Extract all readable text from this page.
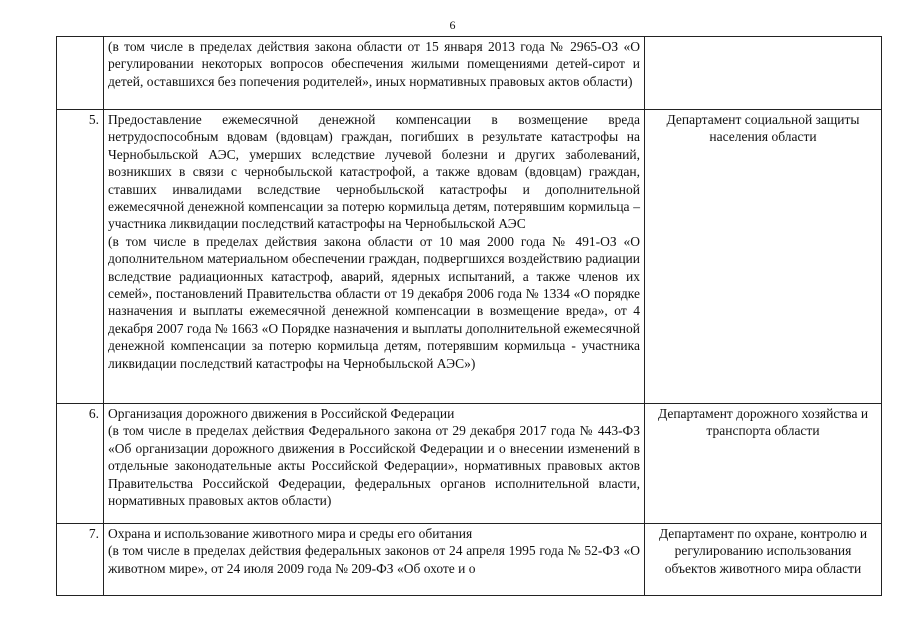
6

	(в том числе в пределах действия закона области от 15 января 2013 года № 2965-ОЗ «О регулировании некоторых вопросов обеспечения жилыми помещениями детей-сирот и детей, оставшихся без попечения родителей», иных нормативных правовых актов области)	

5.	Предоставление ежемесячной денежной компенсации в возмещение вреда нетрудоспособным вдовам (вдовцам) граждан, погибших в результате катастрофы на Чернобыльской АЭС, умерших вследствие лучевой болезни и других заболеваний, возникших в связи с чернобыльской катастрофой, а также вдовам (вдовцам) граждан, ставших инвалидами вследствие чернобыльской катастрофы и дополнительной ежемесячной денежной компенсации за потерю кормильца детям, потерявшим кормильца – участника ликвидации последствий катастрофы на Чернобыльской АЭС

(в том числе в пределах действия закона области от 10 мая 2000 года № 491-ОЗ «О дополнительном материальном обеспечении граждан, подвергшихся воздействию радиации вследствие радиационных катастроф, аварий, ядерных испытаний, а также членов их семей», постановлений Правительства области от 19 декабря 2006 года № 1334 «О порядке назначения и выплаты ежемесячной денежной компенсации в возмещение вреда», от 4 декабря 2007 года № 1663 «О Порядке назначения и выплаты дополнительной ежемесячной денежной компенсации за потерю кормильца детям, потерявшим кормильца - участника ликвидации последствий катастрофы на Чернобыльской АЭС»)	Департамент социальной защиты населения области
6.	Организация дорожного движения в Российской Федерации

(в том числе в пределах действия Федерального закона от 29 декабря 2017 года № 443-ФЗ «Об организации дорожного движения в Российской Федерации и о внесении изменений в отдельные законодательные акты Российской Федерации», нормативных правовых актов Правительства Российской Федерации, федеральных органов исполнительной власти, нормативных правовых актов области)	Департамент дорожного хозяйства и транспорта области
7.	Охрана и использование животного мира и среды его обитания

(в том числе в пределах действия федеральных законов от 24 апреля 1995 года № 52-ФЗ «О животном мире», от 24 июля 2009 года № 209-ФЗ «Об охоте и о	Департамент по охране, контролю и регулированию использования объектов животного мира области
